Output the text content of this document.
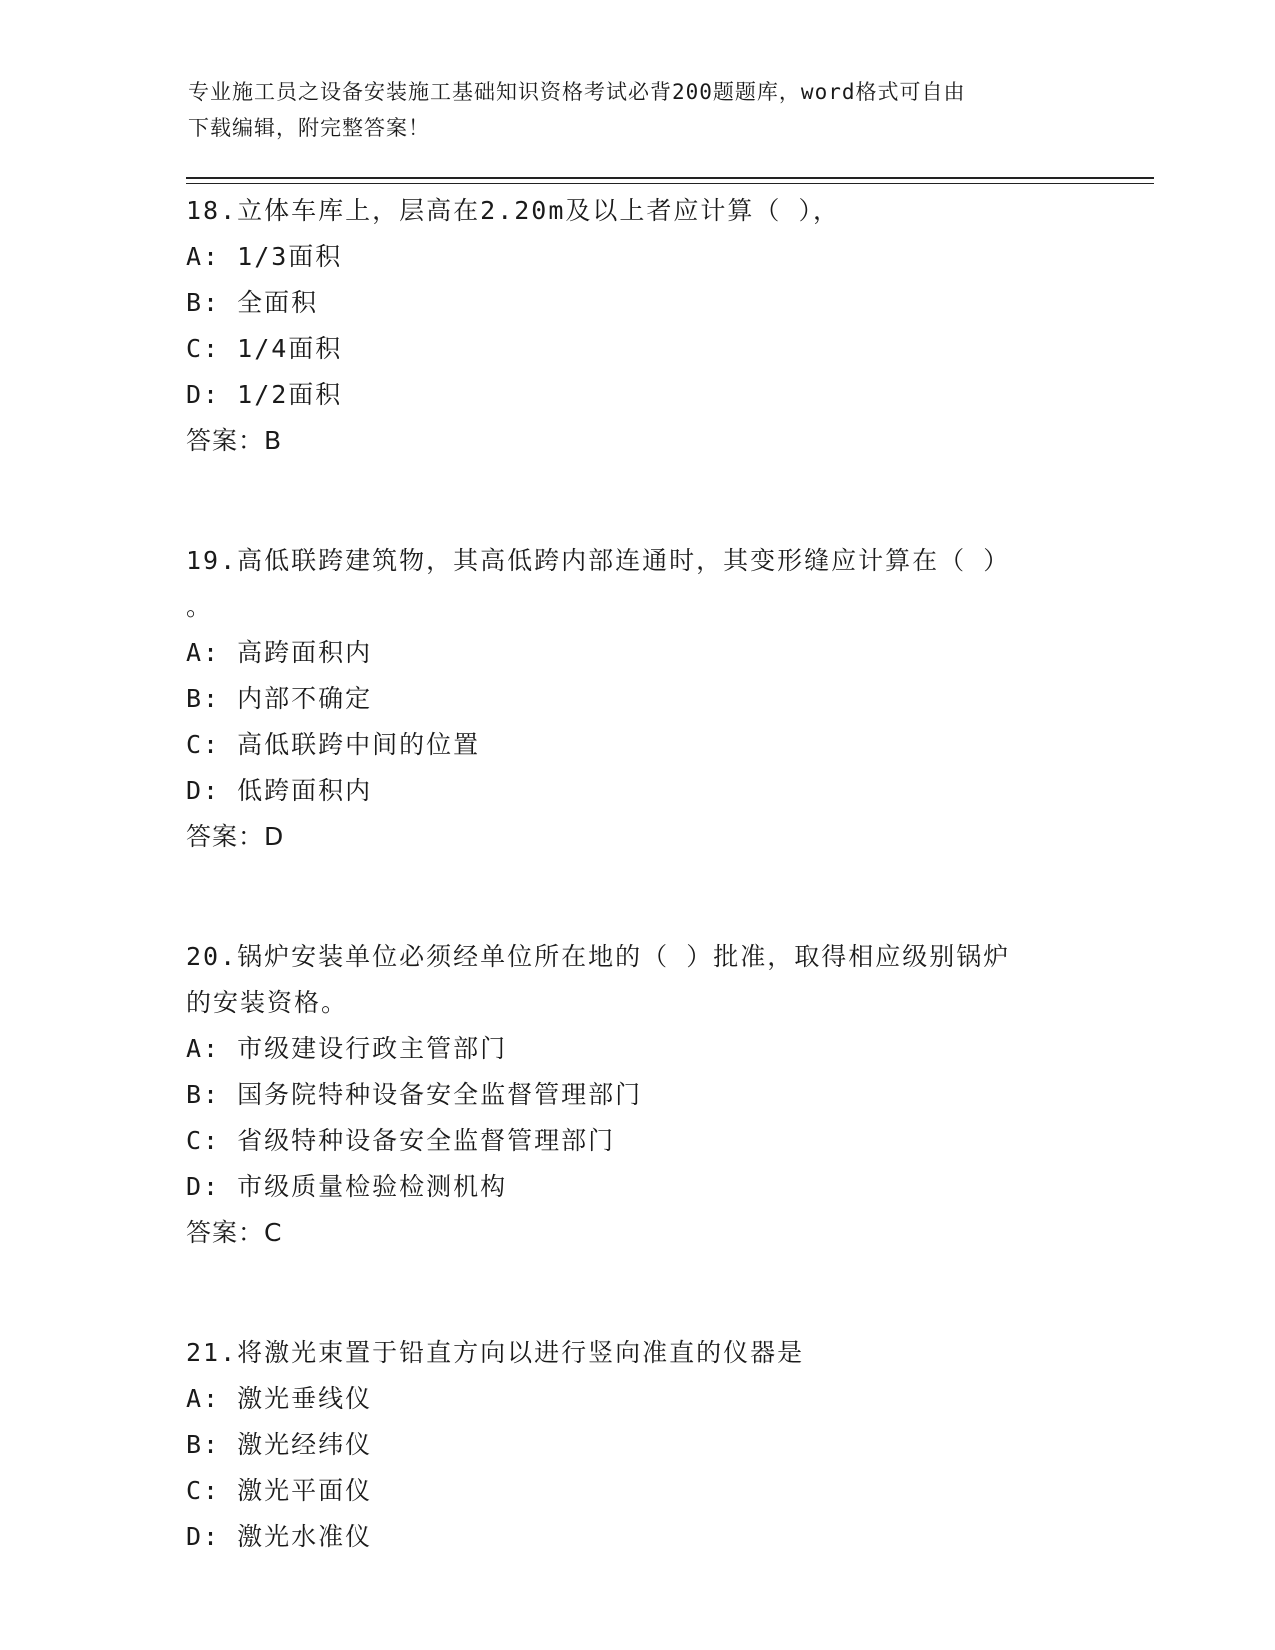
专业施工员之设备安装施工基础知识资格考试必背200题题库，word格式可自由
下载编辑，附完整答案！
18.立体车库上，层高在2.20m及以上者应计算（ ），
A: 1/3面积
B: 全面积
C: 1/4面积
D: 1/2面积
答案：B
19.高低联跨建筑物，其高低跨内部连通时，其变形缝应计算在（ ）
。
A: 高跨面积内
B: 内部不确定
C: 高低联跨中间的位置
D: 低跨面积内
答案：D
20.锅炉安装单位必须经单位所在地的（ ）批准，取得相应级别锅炉
的安装资格。
A: 市级建设行政主管部门
B: 国务院特种设备安全监督管理部门
C: 省级特种设备安全监督管理部门
D: 市级质量检验检测机构
答案：C
21.将激光束置于铅直方向以进行竖向准直的仪器是
A: 激光垂线仪
B: 激光经纬仪
C: 激光平面仪
D: 激光水准仪
